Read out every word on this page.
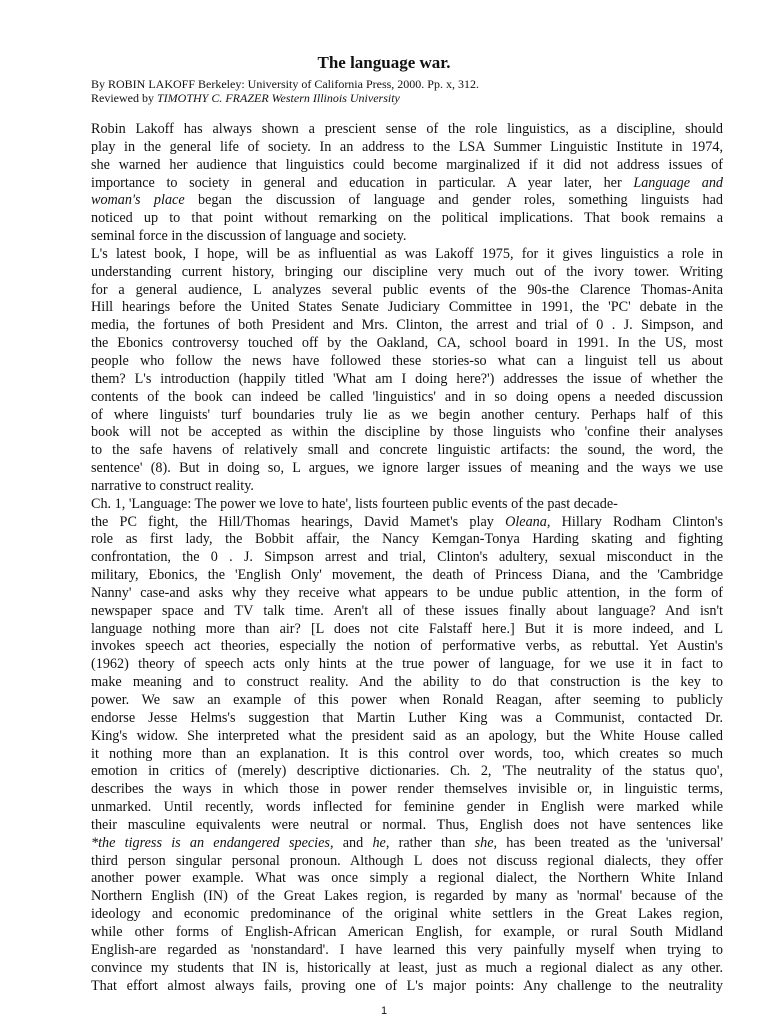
The language war.
By ROBIN LAKOFF Berkeley: University of California Press, 2000. Pp. x, 312.
Reviewed by TIMOTHY C. FRAZER Western Illinois University
Robin Lakoff has always shown a prescient sense of the role linguistics, as a discipline, should
play in the general life of society. In an address to the LSA Summer Linguistic Institute in 1974,
she warned her audience that linguistics could become marginalized if it did not address issues of
importance to society in general and education in particular. A year later, her Language and
woman's place began the discussion of language and gender roles, something linguists had
noticed up to that point without remarking on the political implications. That book remains a
seminal force in the discussion of language and society.
L's latest book, I hope, will be as influential as was Lakoff 1975, for it gives linguistics a role in
understanding current history, bringing our discipline very much out of the ivory tower. Writing
for a general audience, L analyzes several public events of the 90s-the Clarence Thomas-Anita
Hill hearings before the United States Senate Judiciary Committee in 1991, the 'PC' debate in the
media, the fortunes of both President and Mrs. Clinton, the arrest and trial of 0 . J. Simpson, and
the Ebonics controversy touched off by the Oakland, CA, school board in 1991. In the US, most
people who follow the news have followed these stories-so what can a linguist tell us about
them? L's introduction (happily titled 'What am I doing here?') addresses the issue of whether the
contents of the book can indeed be called 'linguistics' and in so doing opens a needed discussion
of where linguists' turf boundaries truly lie as we begin another century. Perhaps half of this
book will not be accepted as within the discipline by those linguists who 'confine their analyses
to the safe havens of relatively small and concrete linguistic artifacts: the sound, the word, the
sentence' (8). But in doing so, L argues, we ignore larger issues of meaning and the ways we use
narrative to construct reality.
Ch. 1, 'Language: The power we love to hate', lists fourteen public events of the past decade-
the PC fight, the Hill/Thomas hearings, David Mamet's play Oleana, Hillary Rodham Clinton's
role as first lady, the Bobbit affair, the Nancy Kemgan-Tonya Harding skating and fighting
confrontation, the 0 . J. Simpson arrest and trial, Clinton's adultery, sexual misconduct in the
military, Ebonics, the 'English Only' movement, the death of Princess Diana, and the 'Cambridge
Nanny' case-and asks why they receive what appears to be undue public attention, in the form of
newspaper space and TV talk time. Aren't all of these issues finally about language? And isn't
language nothing more than air? [L does not cite Falstaff here.] But it is more indeed, and L
invokes speech act theories, especially the notion of performative verbs, as rebuttal. Yet Austin's
(1962) theory of speech acts only hints at the true power of language, for we use it in fact to
make meaning and to construct reality. And the ability to do that construction is the key to
power. We saw an example of this power when Ronald Reagan, after seeming to publicly
endorse Jesse Helms's suggestion that Martin Luther King was a Communist, contacted Dr.
King's widow. She interpreted what the president said as an apology, but the White House called
it nothing more than an explanation. It is this control over words, too, which creates so much
emotion in critics of (merely) descriptive dictionaries. Ch. 2, 'The neutrality of the status quo',
describes the ways in which those in power render themselves invisible or, in linguistic terms,
unmarked. Until recently, words inflected for feminine gender in English were marked while
their masculine equivalents were neutral or normal. Thus, English does not have sentences like
*the tigress is an endangered species, and he, rather than she, has been treated as the 'universal'
third person singular personal pronoun. Although L does not discuss regional dialects, they offer
another power example. What was once simply a regional dialect, the Northern White Inland
Northern English (IN) of the Great Lakes region, is regarded by many as 'normal' because of the
ideology and economic predominance of the original white settlers in the Great Lakes region,
while other forms of English-African American English, for example, or rural South Midland
English-are regarded as 'nonstandard'. I have learned this very painfully myself when trying to
convince my students that IN is, historically at least, just as much a regional dialect as any other.
That effort almost always fails, proving one of L's major points: Any challenge to the neutrality
1
